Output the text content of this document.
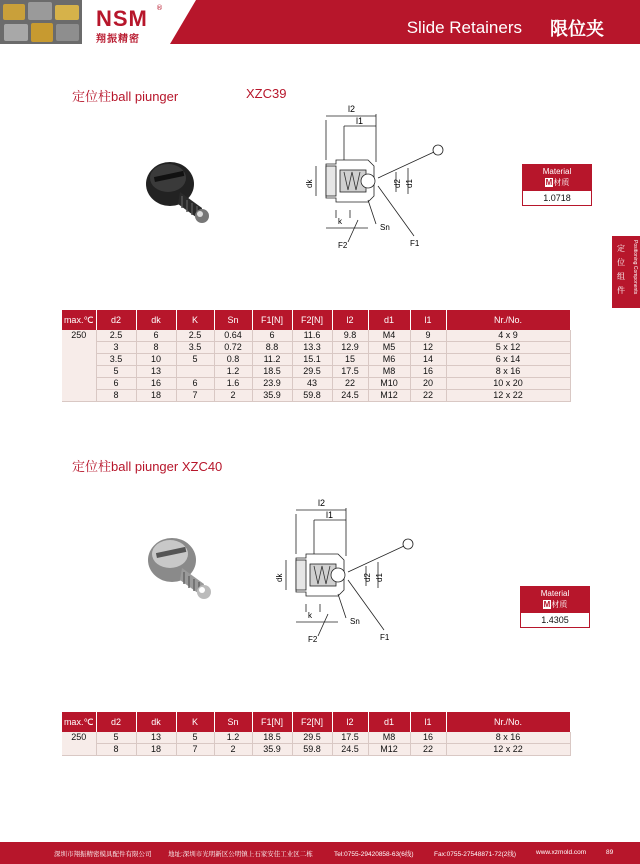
NSM ®
翔振精密
Slide Retainers 限位夹
定
位
组
件 Positioning Components
定位柱ball piunger	XZC39
l2
l1
dk	d2 d1
k
Sn
F2	F1
Material
M材质
1.0718
max.℃	d2	dk	K	Sn	F1[N]	F2[N]	l2	d1	l1	Nr./No.
250	2.5	6	2.5	0.64	6	11.6	9.8	M4	9	4 x 9
	3	8	3.5	0.72	8.8	13.3	12.9	M5	12	5 x 12
	3.5	10	5	0.8	11.2	15.1	15	M6	14	6 x 14
	5	13		1.2	18.5	29.5	17.5	M8	16	8 x 16
	6	16	6	1.6	23.9	43	22	M10	20	10 x 20
	8	18	7	2	35.9	59.8	24.5	M12	22	12 x 22
定位柱ball piunger XZC40
l2
l1
dk	d2 d1
k
Sn
F2	F1
Material
M材质
1.4305
max.℃	d2	dk	K	Sn	F1[N]	F2[N]	l2	d1	l1	Nr./No.
250	5	13	5	1.2	18.5	29.5	17.5	M8	16	8 x 16
	8	18	7	2	35.9	59.8	24.5	M12	22	12 x 22
深圳市翔振精密模具配件有限公司	地址:深圳市光明新区公明镇上石家安佳工业区二栋	Tel:0755-29420858-63(6线)	Fax:0755-27548871-72(2线)	www.xzmold.com	89
